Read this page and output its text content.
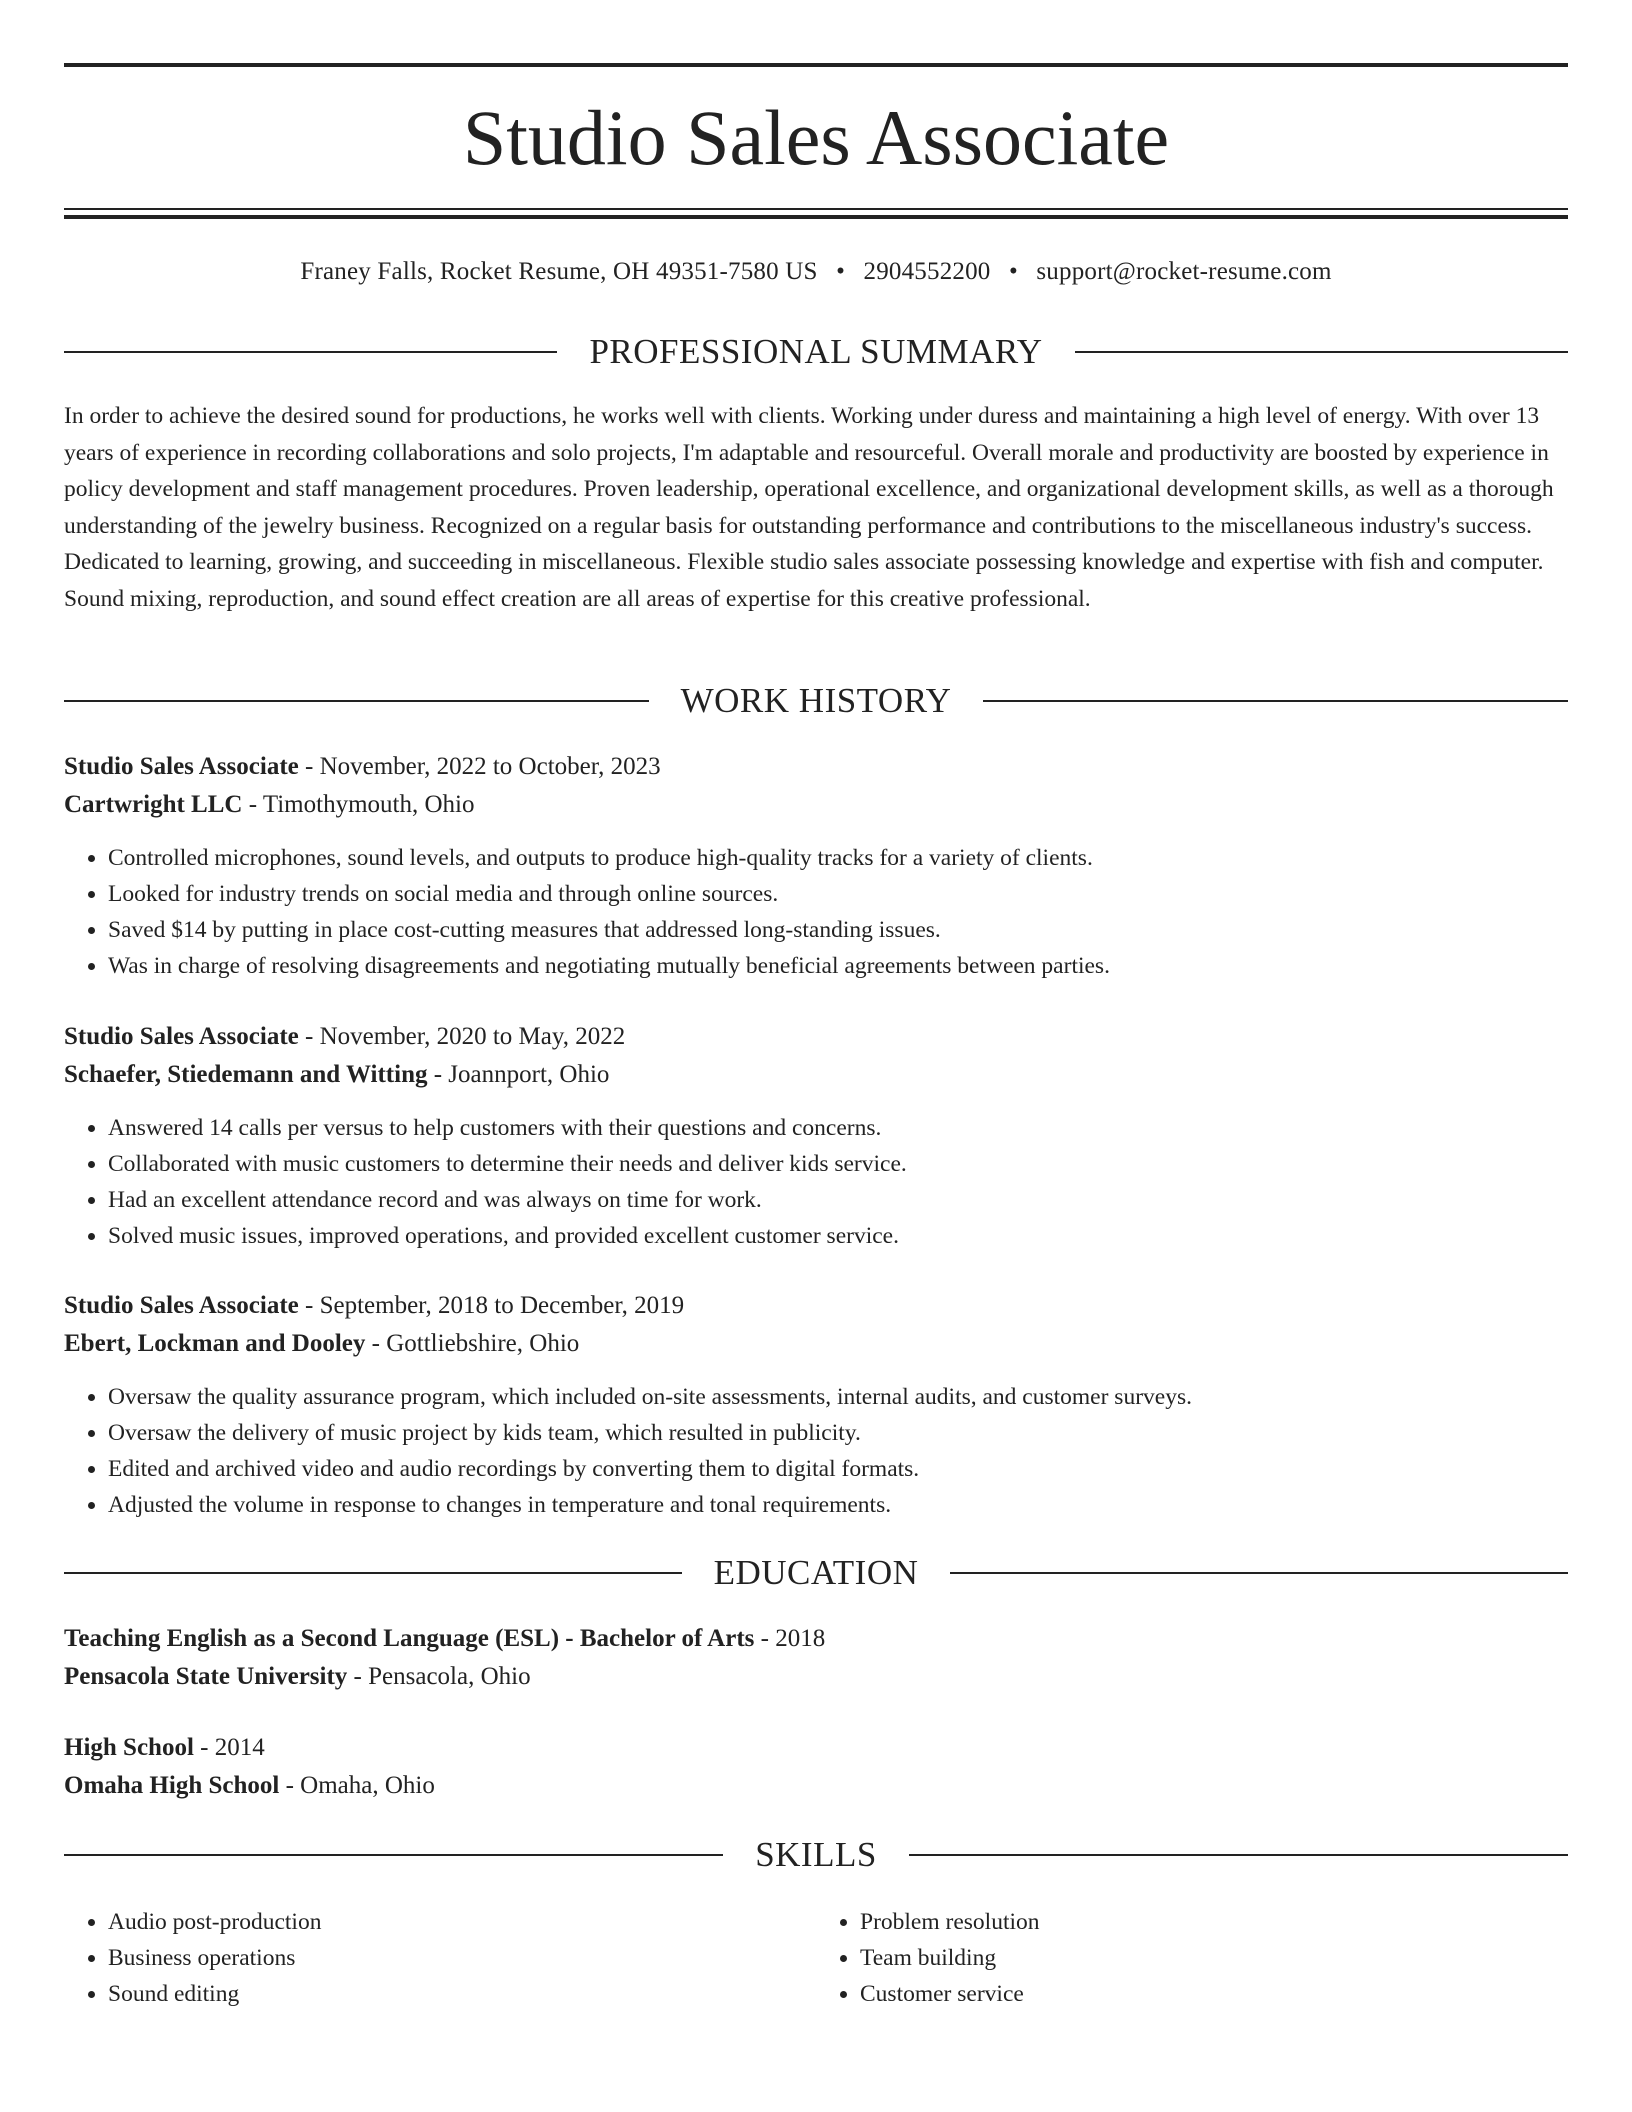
Studio Sales Associate
Franey Falls, Rocket Resume, OH 49351-7580 US • 2904552200 • support@rocket-resume.com
PROFESSIONAL SUMMARY

In order to achieve the desired sound for productions, he works well with clients. Working under duress and maintaining a high level of energy. With over 13 years of experience in recording collaborations and solo projects, I'm adaptable and resourceful. Overall morale and productivity are boosted by experience in policy development and staff management procedures. Proven leadership, operational excellence, and organizational development skills, as well as a thorough understanding of the jewelry business. Recognized on a regular basis for outstanding performance and contributions to the miscellaneous industry's success. Dedicated to learning, growing, and succeeding in miscellaneous. Flexible studio sales associate possessing knowledge and expertise with fish and computer. Sound mixing, reproduction, and sound effect creation are all areas of expertise for this creative professional.

WORK HISTORY
Studio Sales Associate - November, 2022 to October, 2023
Cartwright LLC - Timothymouth, Ohio
• Controlled microphones, sound levels, and outputs to produce high-quality tracks for a variety of clients.
• Looked for industry trends on social media and through online sources.
• Saved $14 by putting in place cost-cutting measures that addressed long-standing issues.
• Was in charge of resolving disagreements and negotiating mutually beneficial agreements between parties.
Studio Sales Associate - November, 2020 to May, 2022
Schaefer, Stiedemann and Witting - Joannport, Ohio
• Answered 14 calls per versus to help customers with their questions and concerns.
• Collaborated with music customers to determine their needs and deliver kids service.
• Had an excellent attendance record and was always on time for work.
• Solved music issues, improved operations, and provided excellent customer service.
Studio Sales Associate - September, 2018 to December, 2019
Ebert, Lockman and Dooley - Gottliebshire, Ohio
• Oversaw the quality assurance program, which included on-site assessments, internal audits, and customer surveys.
• Oversaw the delivery of music project by kids team, which resulted in publicity.
• Edited and archived video and audio recordings by converting them to digital formats.
• Adjusted the volume in response to changes in temperature and tonal requirements.
EDUCATION
Teaching English as a Second Language (ESL) - Bachelor of Arts - 2018
Pensacola State University - Pensacola, Ohio
High School - 2014
Omaha High School - Omaha, Ohio
SKILLS
• Audio post-production
• Business operations
• Sound editing
• Problem resolution
• Team building
• Customer service
